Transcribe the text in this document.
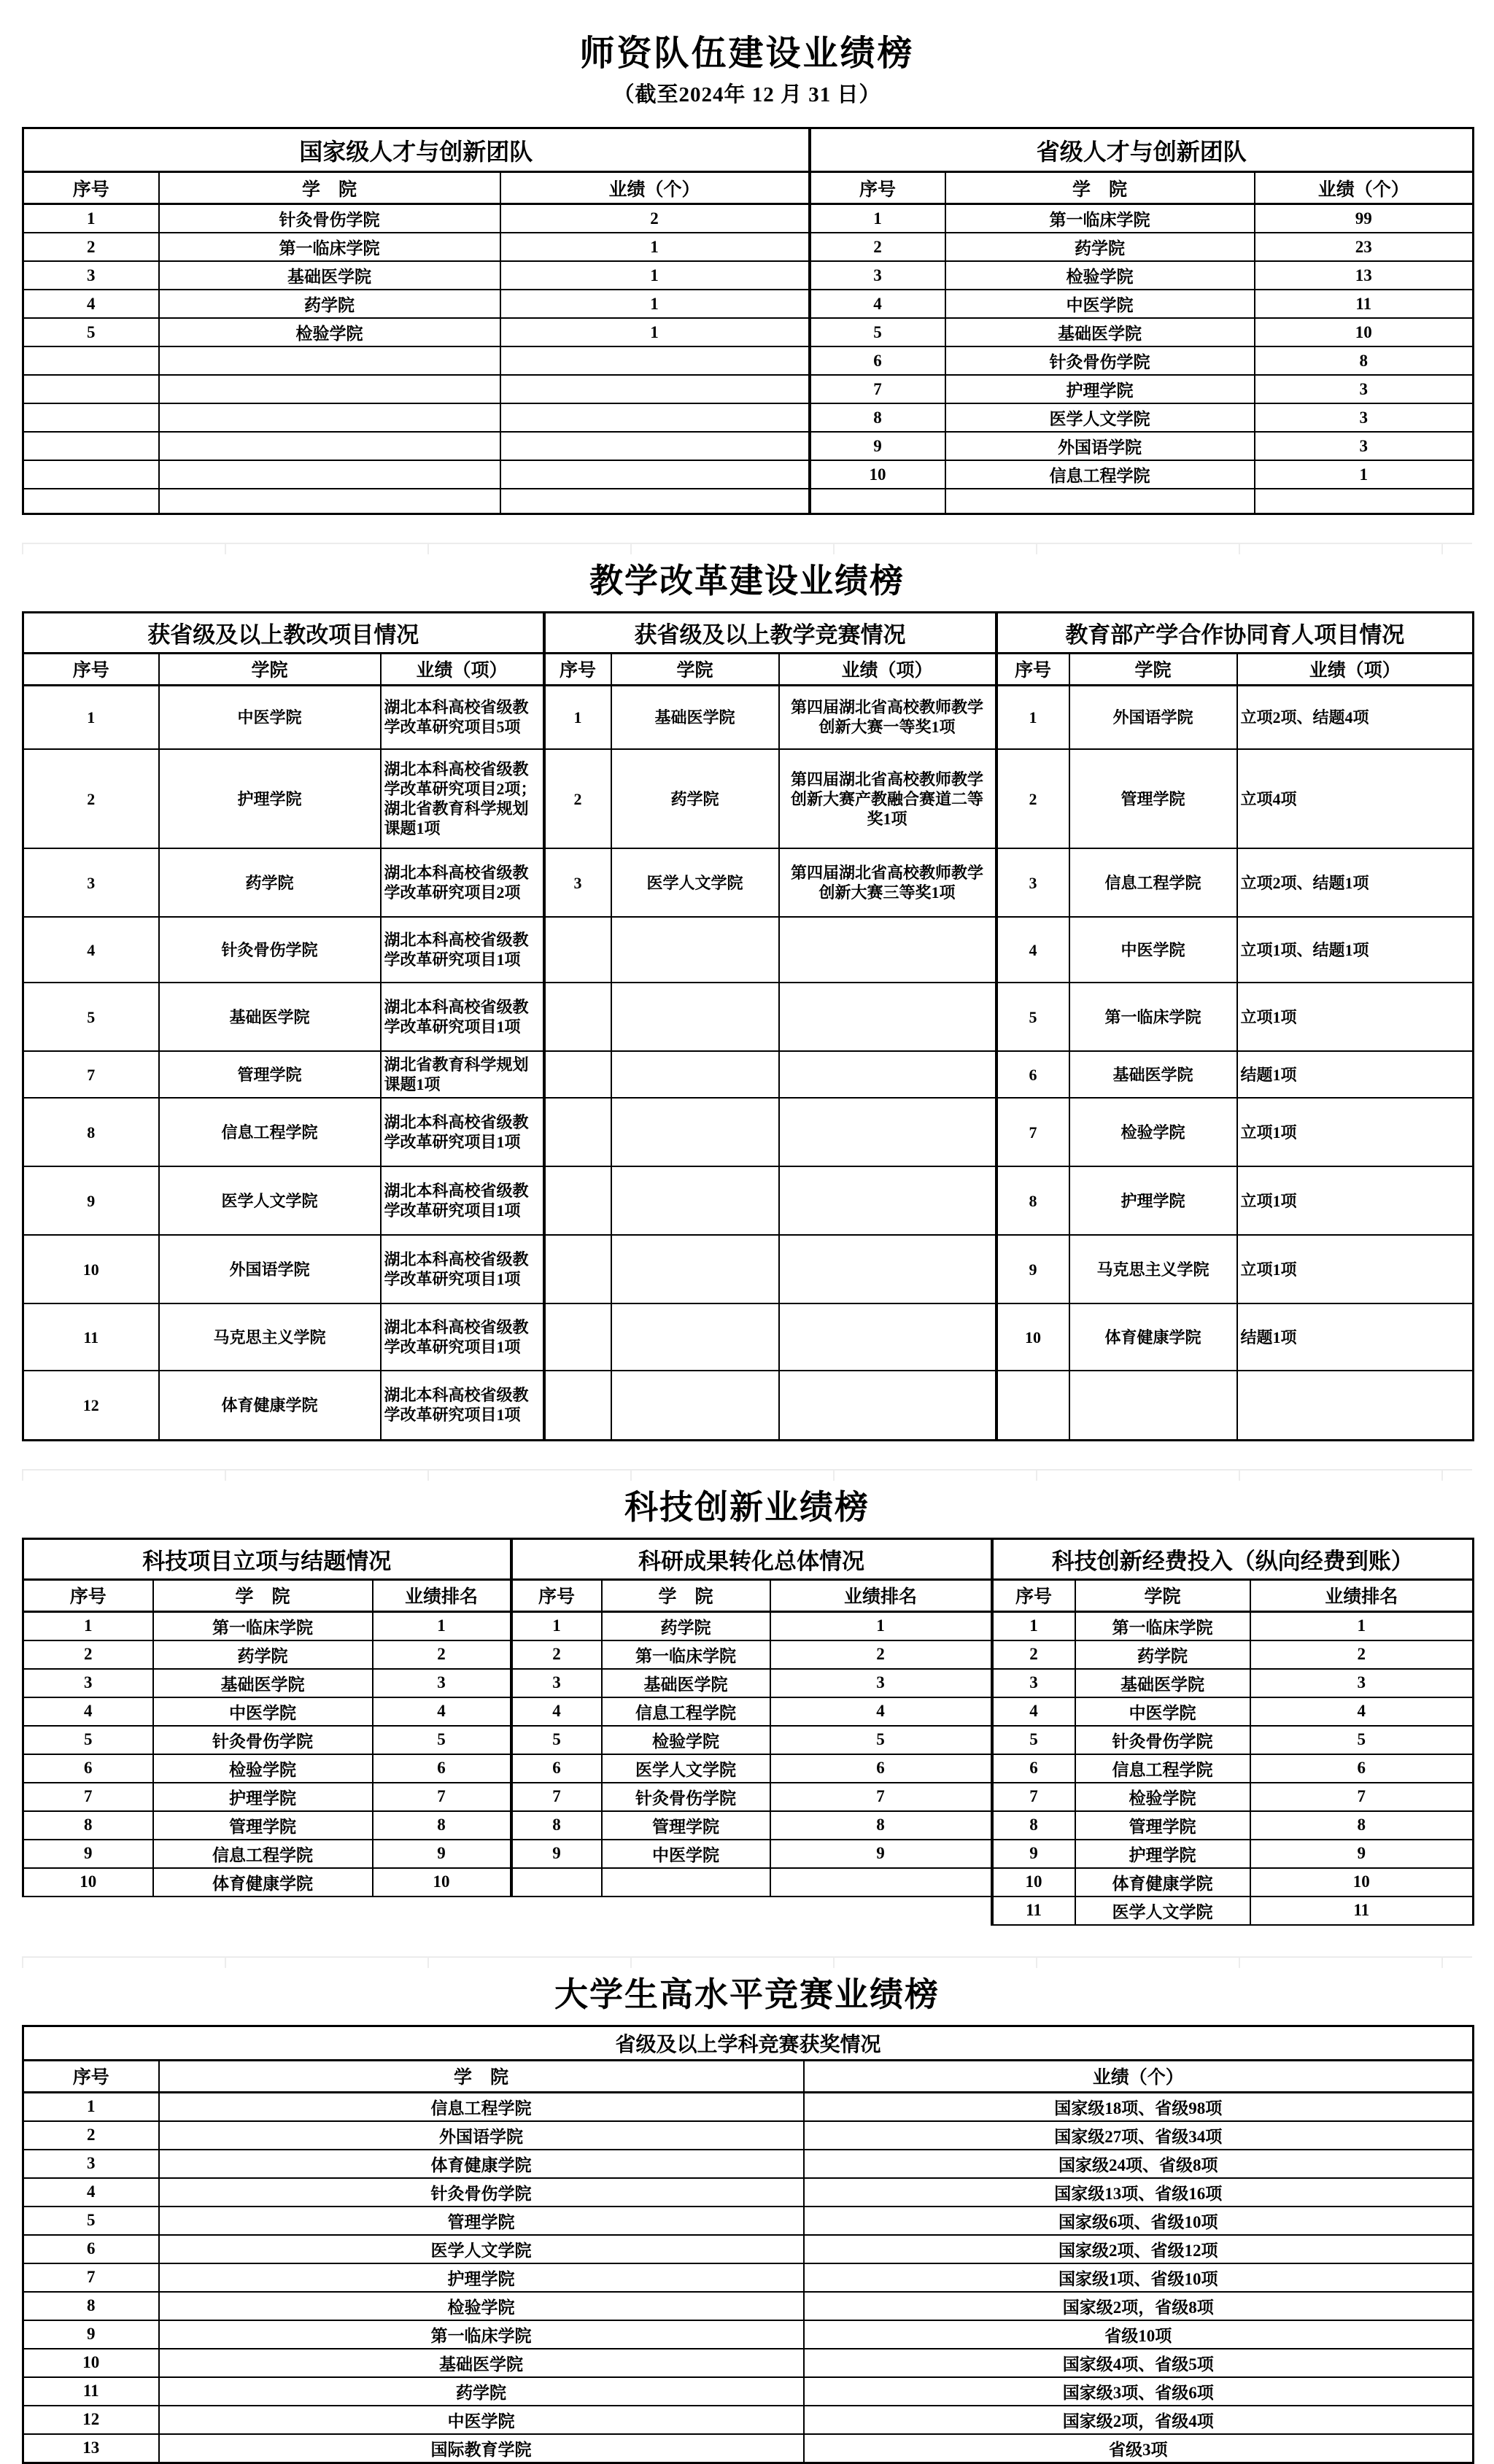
师资队伍建设业绩榜
（截至2024年 12 月 31 日）
国家级人才与创新团队			省级人才与创新团队		
序号	学　院	业绩（个）	序号	学　院	业绩（个）
1	针灸骨伤学院	2	1	第一临床学院	99
2	第一临床学院	1	2	药学院	23
3	基础医学院	1	3	检验学院	13
4	药学院	1	4	中医学院	11
5	检验学院	1	5	基础医学院	10
			6	针灸骨伤学院	8
			7	护理学院	3
			8	医学人文学院	3
			9	外国语学院	3
			10	信息工程学院	1

教学改革建设业绩榜
获省级及以上教改项目情况			获省级及以上教学竞赛情况			教育部产学合作协同育人项目情况		
序号	学院	业绩（项）	序号	学院	业绩（项）	序号	学院	业绩（项）
1	中医学院	湖北本科高校省级教学改革研究项目5项	1	基础医学院	第四届湖北省高校教师教学创新大赛一等奖1项	1	外国语学院	立项2项、结题4项
2	护理学院	湖北本科高校省级教学改革研究项目2项；湖北省教育科学规划课题1项	2	药学院	第四届湖北省高校教师教学创新大赛产教融合赛道二等奖1项	2	管理学院	立项4项
3	药学院	湖北本科高校省级教学改革研究项目2项	3	医学人文学院	第四届湖北省高校教师教学创新大赛三等奖1项	3	信息工程学院	立项2项、结题1项
4	针灸骨伤学院	湖北本科高校省级教学改革研究项目1项				4	中医学院	立项1项、结题1项
5	基础医学院	湖北本科高校省级教学改革研究项目1项				5	第一临床学院	立项1项
7	管理学院	湖北省教育科学规划课题1项				6	基础医学院	结题1项
8	信息工程学院	湖北本科高校省级教学改革研究项目1项				7	检验学院	立项1项
9	医学人文学院	湖北本科高校省级教学改革研究项目1项				8	护理学院	立项1项
10	外国语学院	湖北本科高校省级教学改革研究项目1项				9	马克思主义学院	立项1项
11	马克思主义学院	湖北本科高校省级教学改革研究项目1项				10	体育健康学院	结题1项
12	体育健康学院	湖北本科高校省级教学改革研究项目1项						
科技创新业绩榜
科技项目立项与结题情况			科研成果转化总体情况			科技创新经费投入（纵向经费到账）		
序号	学　院	业绩排名	序号	学　院	业绩排名	序号	学院	业绩排名
1	第一临床学院	1	1	药学院	1	1	第一临床学院	1
2	药学院	2	2	第一临床学院	2	2	药学院	2
3	基础医学院	3	3	基础医学院	3	3	基础医学院	3
4	中医学院	4	4	信息工程学院	4	4	中医学院	4
5	针灸骨伤学院	5	5	检验学院	5	5	针灸骨伤学院	5
6	检验学院	6	6	医学人文学院	6	6	信息工程学院	6
7	护理学院	7	7	针灸骨伤学院	7	7	检验学院	7
8	管理学院	8	8	管理学院	8	8	管理学院	8
9	信息工程学院	9	9	中医学院	9	9	护理学院	9
10	体育健康学院	10				10	体育健康学院	10
						11	医学人文学院	11
大学生高水平竞赛业绩榜
省级及以上学科竞赛获奖情况		
序号	学　院	业绩（个）
1	信息工程学院	国家级18项、省级98项
2	外国语学院	国家级27项、省级34项
3	体育健康学院	国家级24项、省级8项
4	针灸骨伤学院	国家级13项、省级16项
5	管理学院	国家级6项、省级10项
6	医学人文学院	国家级2项、省级12项
7	护理学院	国家级1项、省级10项
8	检验学院	国家级2项，省级8项
9	第一临床学院	省级10项
10	基础医学院	国家级4项、省级5项
11	药学院	国家级3项、省级6项
12	中医学院	国家级2项，省级4项
13	国际教育学院	省级3项
